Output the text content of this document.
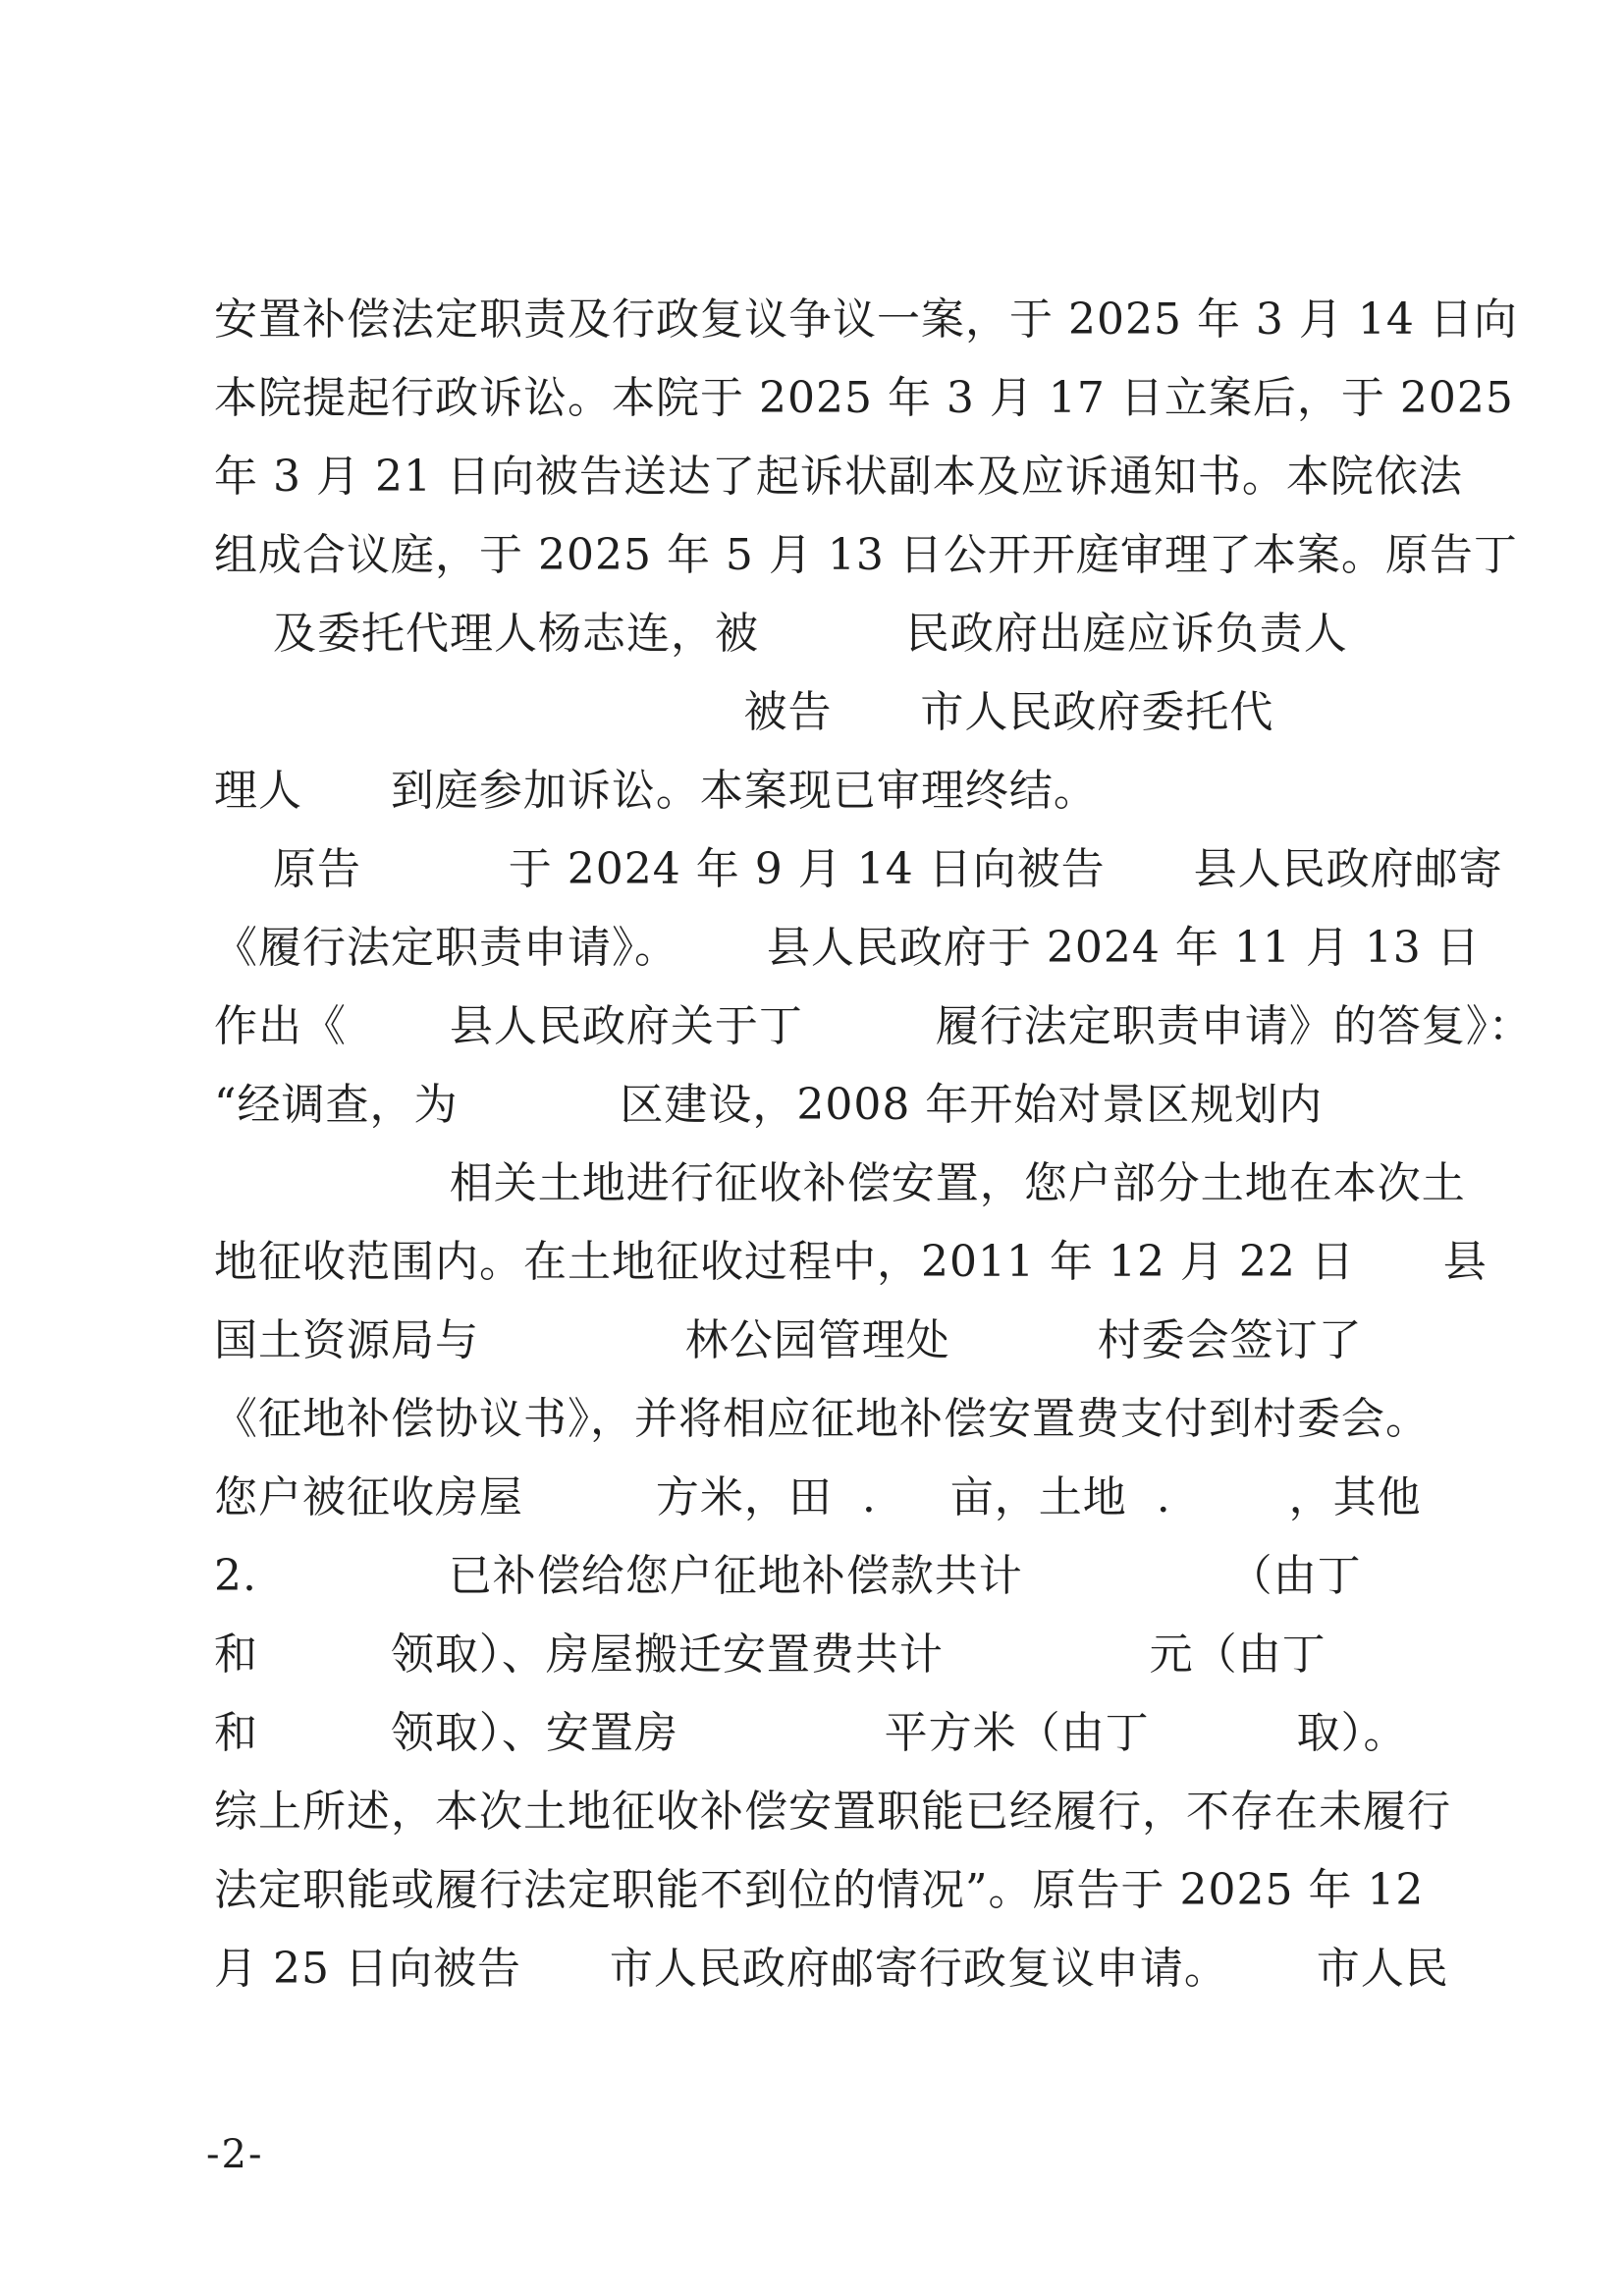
安置补偿法定职责及行政复议争议一案，于 2025 年 3 月 14 日向
本院提起行政诉讼。本院于 2025 年 3 月 17 日立案后，于 2025
年 3 月 21 日向被告送达了起诉状副本及应诉通知书。本院依法
组成合议庭，于 2025 年 5 月 13 日公开开庭审理了本案。原告丁
及委托代理人杨志连，被          民政府出庭应诉负责人
被告      市人民政府委托代
理人      到庭参加诉讼。本案现已审理终结。
原告          于 2024 年 9 月 14 日向被告      县人民政府邮寄
《履行法定职责申请》。      县人民政府于 2024 年 11 月 13 日
作出《       县人民政府关于丁         履行法定职责申请》的答复》：
“经调查，为           区建设，2008 年开始对景区规划内
相关土地进行征收补偿安置，您户部分土地在本次土
地征收范围内。在土地征收过程中，2011 年 12 月 22 日      县
国土资源局与              林公园管理处          村委会签订了
《征地补偿协议书》，并将相应征地补偿安置费支付到村委会。
您户被征收房屋         方米，田  .     亩，土地  .        ，其他
2.             已补偿给您户征地补偿款共计              （由丁
和         领取）、房屋搬迁安置费共计              元（由丁
和         领取）、安置房              平方米（由丁          取）。
综上所述，本次土地征收补偿安置职能已经履行，不存在未履行
法定职能或履行法定职能不到位的情况”。原告于 2025 年 12
月 25 日向被告      市人民政府邮寄行政复议申请。      市人民
-2-
